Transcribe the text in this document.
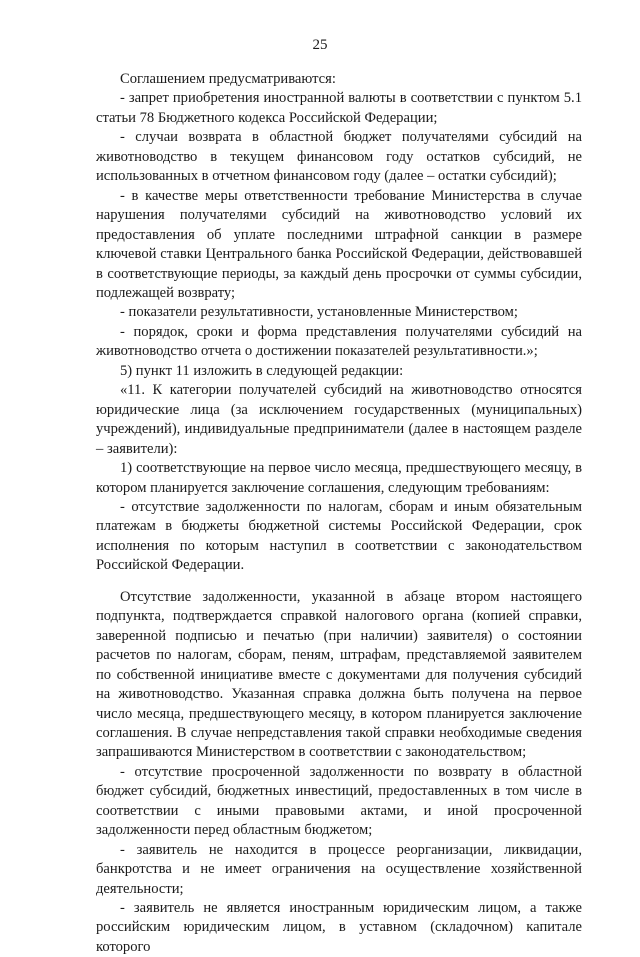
25

Соглашением предусматриваются:

- запрет приобретения иностранной валюты в соответствии с пунктом 5.1 статьи 78 Бюджетного кодекса Российской Федерации;

- случаи возврата в областной бюджет получателями субсидий на животноводство в текущем финансовом году остатков субсидий, не использованных в отчетном финансовом году (далее – остатки субсидий);

- в качестве меры ответственности требование Министерства в случае нарушения получателями субсидий на животноводство условий их предоставления об уплате последними штрафной санкции в размере ключевой ставки Центрального банка Российской Федерации, действовавшей в соответствующие периоды, за каждый день просрочки от суммы субсидии, подлежащей возврату;

- показатели результативности, установленные Министерством;

- порядок, сроки и форма представления получателями субсидий на животноводство отчета о достижении показателей результативности.»;

5) пункт 11 изложить в следующей редакции:

«11. К категории получателей субсидий на животноводство относятся юридические лица (за исключением государственных (муниципальных) учреждений), индивидуальные предприниматели (далее в настоящем разделе – заявители):

1) соответствующие на первое число месяца, предшествующего месяцу, в котором планируется заключение соглашения, следующим требованиям:

- отсутствие задолженности по налогам, сборам и иным обязательным платежам в бюджеты бюджетной системы Российской Федерации, срок исполнения по которым наступил в соответствии с законодательством Российской Федерации.

Отсутствие задолженности, указанной в абзаце втором настоящего подпункта, подтверждается справкой налогового органа (копией справки, заверенной подписью и печатью (при наличии) заявителя) о состоянии расчетов по налогам, сборам, пеням, штрафам, представляемой заявителем по собственной инициативе вместе с документами для получения субсидий на животноводство. Указанная справка должна быть получена на первое число месяца, предшествующего месяцу, в котором планируется заключение соглашения. В случае непредставления такой справки необходимые сведения запрашиваются Министерством в соответствии с законодательством;

- отсутствие просроченной задолженности по возврату в областной бюджет субсидий, бюджетных инвестиций, предоставленных в том числе в соответствии с иными правовыми актами, и иной просроченной задолженности перед областным бюджетом;

- заявитель не находится в процессе реорганизации, ликвидации, банкротства и не имеет ограничения на осуществление хозяйственной деятельности;

- заявитель не является иностранным юридическим лицом, а также российским юридическим лицом, в уставном (складочном) капитале которого
